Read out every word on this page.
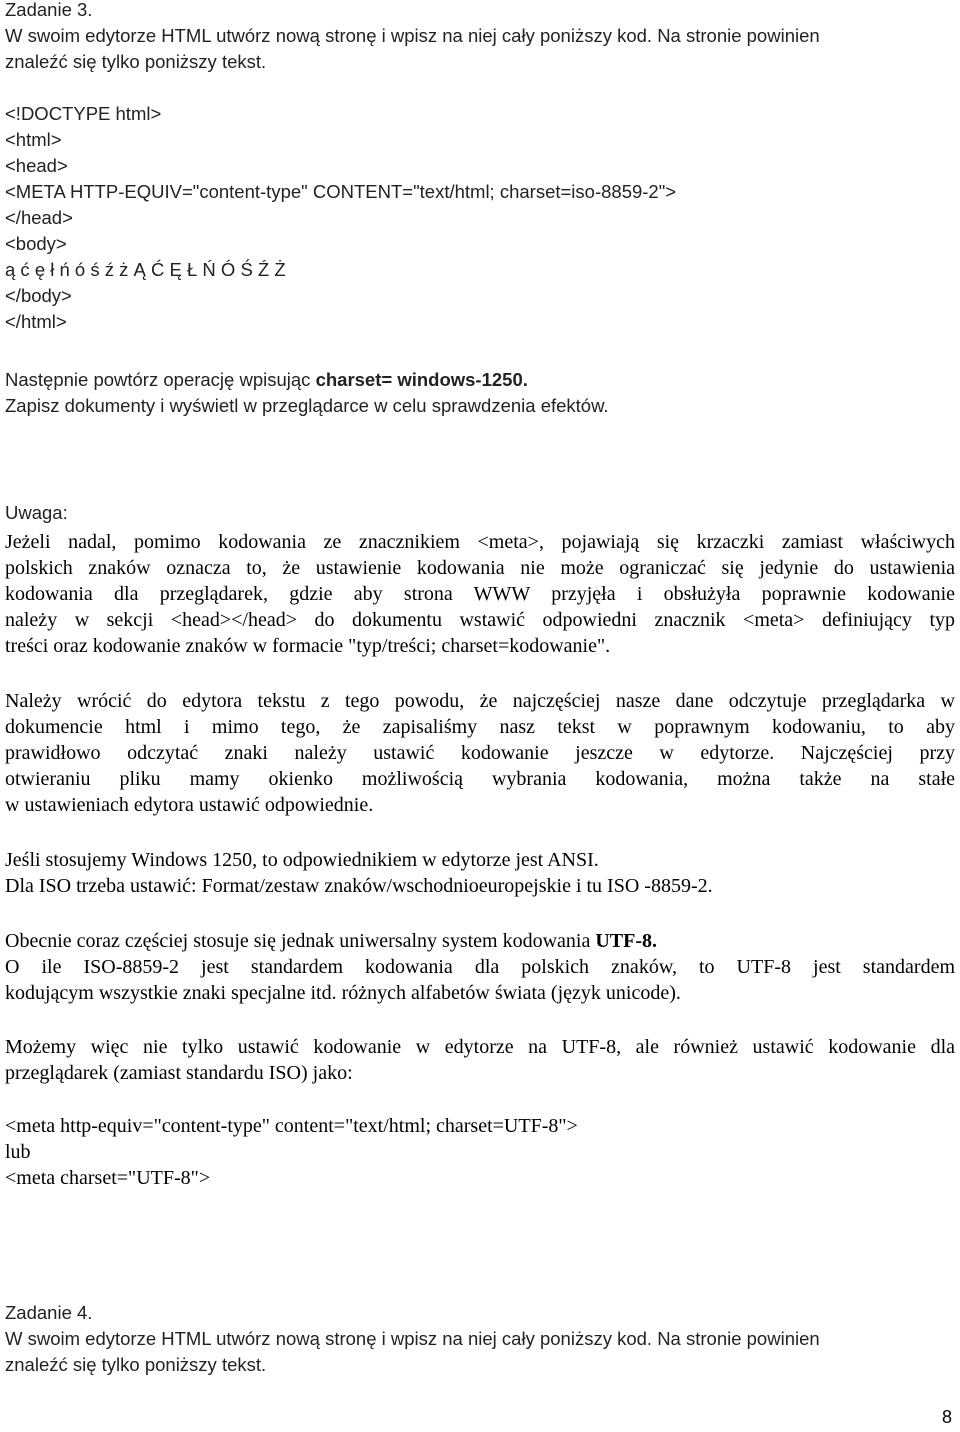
Zadanie 3.
W swoim edytorze HTML utwórz nową stronę i wpisz na niej cały poniższy kod. Na stronie powinien
znaleźć się tylko poniższy tekst.
<!DOCTYPE html>
<html>
<head>
<META HTTP-EQUIV="content-type" CONTENT="text/html; charset=iso-8859-2">
</head>
<body>
ą ć ę ł ń ó ś ź ż Ą Ć Ę Ł Ń Ó Ś Ź Ż
</body>
</html>
Następnie powtórz operację wpisując charset= windows-1250.
Zapisz dokumenty i wyświetl w przeglądarce w celu sprawdzenia efektów.
Uwaga:
Jeżeli nadal, pomimo kodowania ze znacznikiem <meta>, pojawiają się krzaczki zamiast właściwych
polskich znaków oznacza to, że ustawienie kodowania nie może ograniczać się jedynie do ustawienia
kodowania dla przeglądarek, gdzie aby strona WWW przyjęła i obsłużyła poprawnie kodowanie
należy w sekcji <head></head> do dokumentu wstawić odpowiedni znacznik <meta> definiujący typ
treści oraz kodowanie znaków w formacie "typ/treści; charset=kodowanie".
Należy wrócić do edytora tekstu z tego powodu, że najczęściej nasze dane odczytuje przeglądarka w
dokumencie html i mimo tego, że zapisaliśmy nasz tekst w poprawnym kodowaniu, to aby
prawidłowo odczytać znaki należy ustawić kodowanie jeszcze w edytorze. Najczęściej przy
otwieraniu pliku mamy okienko możliwością wybrania kodowania, można także na stałe
w ustawieniach edytora ustawić odpowiednie.
Jeśli stosujemy Windows 1250, to odpowiednikiem w edytorze jest ANSI.
Dla ISO trzeba ustawić: Format/zestaw znaków/wschodnioeuropejskie i tu ISO -8859-2.
Obecnie coraz częściej stosuje się jednak uniwersalny system kodowania UTF-8.
O ile ISO-8859-2 jest standardem kodowania dla polskich znaków, to UTF-8 jest standardem
kodującym wszystkie znaki specjalne itd. różnych alfabetów świata (język unicode).
Możemy więc nie tylko ustawić kodowanie w edytorze na UTF-8, ale również ustawić kodowanie dla
przeglądarek (zamiast standardu ISO) jako:
<meta http-equiv="content-type" content="text/html; charset=UTF-8">
lub
<meta charset="UTF-8">
Zadanie 4.
W swoim edytorze HTML utwórz nową stronę i wpisz na niej cały poniższy kod. Na stronie powinien
znaleźć się tylko poniższy tekst.
8
